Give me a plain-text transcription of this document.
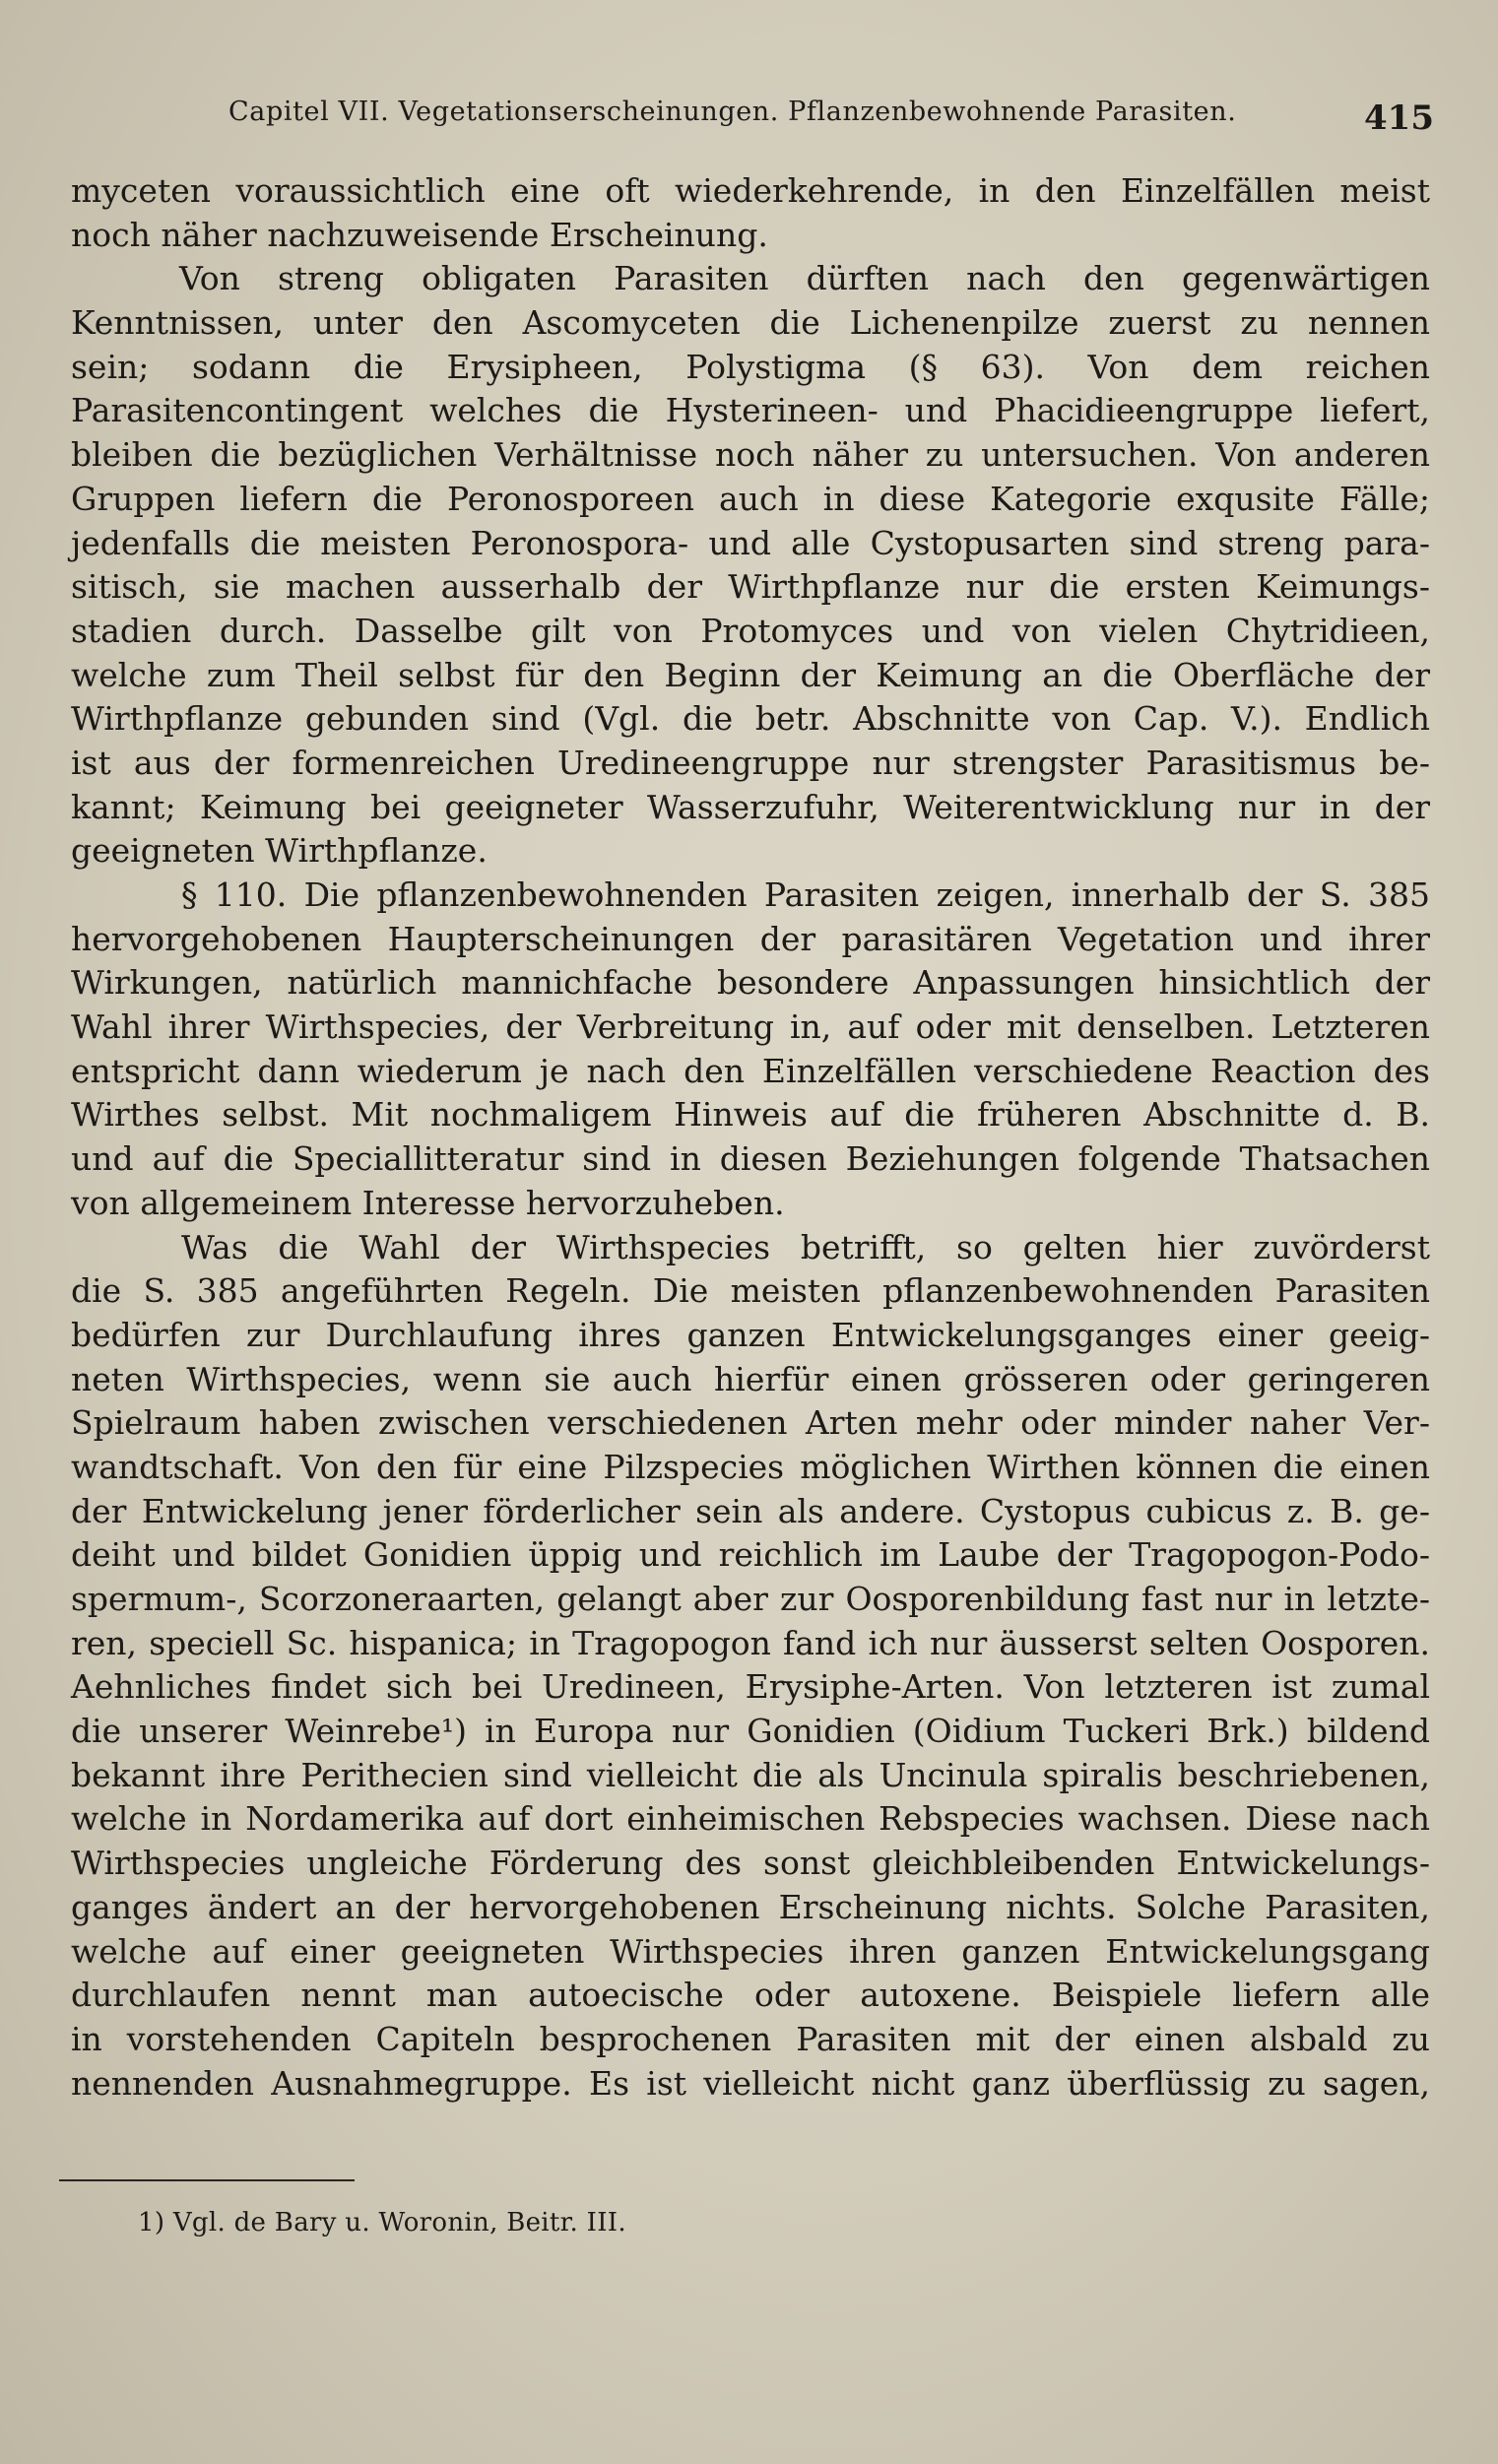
Capitel VII. Vegetationserscheinungen. Pflanzenbewohnende Parasiten.	415
myceten voraussichtlich eine oft wiederkehrende, in den Einzelfällen meist
noch näher nachzuweisende Erscheinung.
Von streng obligaten Parasiten dürften nach den gegenwärtigen
Kenntnissen, unter den Ascomyceten die Lichenenpilze zuerst zu nennen
sein; sodann die Erysipheen, Polystigma (§ 63). Von dem reichen
Parasitencontingent welches die Hysterineen- und Phacidieengruppe liefert,
bleiben die bezüglichen Verhältnisse noch näher zu untersuchen. Von anderen
Gruppen liefern die Peronosporeen auch in diese Kategorie exqusite Fälle;
jedenfalls die meisten Peronospora- und alle Cystopusarten sind streng para-
sitisch, sie machen ausserhalb der Wirthpflanze nur die ersten Keimungs-
stadien durch. Dasselbe gilt von Protomyces und von vielen Chytridieen,
welche zum Theil selbst für den Beginn der Keimung an die Oberfläche der
Wirthpflanze gebunden sind (Vgl. die betr. Abschnitte von Cap. V.). Endlich
ist aus der formenreichen Uredineengruppe nur strengster Parasitismus be-
kannt; Keimung bei geeigneter Wasserzufuhr, Weiterentwicklung nur in der
geeigneten Wirthpflanze.
§ 110. Die pflanzenbewohnenden Parasiten zeigen, innerhalb der S. 385
hervorgehobenen Haupterscheinungen der parasitären Vegetation und ihrer
Wirkungen, natürlich mannichfache besondere Anpassungen hinsichtlich der
Wahl ihrer Wirthspecies, der Verbreitung in, auf oder mit denselben. Letzteren
entspricht dann wiederum je nach den Einzelfällen verschiedene Reaction des
Wirthes selbst. Mit nochmaligem Hinweis auf die früheren Abschnitte d. B.
und auf die Speciallitteratur sind in diesen Beziehungen folgende Thatsachen
von allgemeinem Interesse hervorzuheben.
Was die Wahl der Wirthspecies betrifft, so gelten hier zuvörderst
die S. 385 angeführten Regeln. Die meisten pflanzenbewohnenden Parasiten
bedürfen zur Durchlaufung ihres ganzen Entwickelungsganges einer geeig-
neten Wirthspecies, wenn sie auch hierfür einen grösseren oder geringeren
Spielraum haben zwischen verschiedenen Arten mehr oder minder naher Ver-
wandtschaft. Von den für eine Pilzspecies möglichen Wirthen können die einen
der Entwickelung jener förderlicher sein als andere. Cystopus cubicus z. B. ge-
deiht und bildet Gonidien üppig und reichlich im Laube der Tragopogon-Podo-
spermum-, Scorzoneraarten, gelangt aber zur Oosporenbildung fast nur in letzte-
ren, speciell Sc. hispanica; in Tragopogon fand ich nur äusserst selten Oosporen.
Aehnliches findet sich bei Uredineen, Erysiphe-Arten. Von letzteren ist zumal
die unserer Weinrebe¹) in Europa nur Gonidien (Oidium Tuckeri Brk.) bildend
bekannt ihre Perithecien sind vielleicht die als Uncinula spiralis beschriebenen,
welche in Nordamerika auf dort einheimischen Rebspecies wachsen. Diese nach
Wirthspecies ungleiche Förderung des sonst gleichbleibenden Entwickelungs-
ganges ändert an der hervorgehobenen Erscheinung nichts. Solche Parasiten,
welche auf einer geeigneten Wirthspecies ihren ganzen Entwickelungsgang
durchlaufen nennt man autoecische oder autoxene. Beispiele liefern alle
in vorstehenden Capiteln besprochenen Parasiten mit der einen alsbald zu
nennenden Ausnahmegruppe. Es ist vielleicht nicht ganz überflüssig zu sagen,
1) Vgl. de Bary u. Woronin, Beitr. III.
